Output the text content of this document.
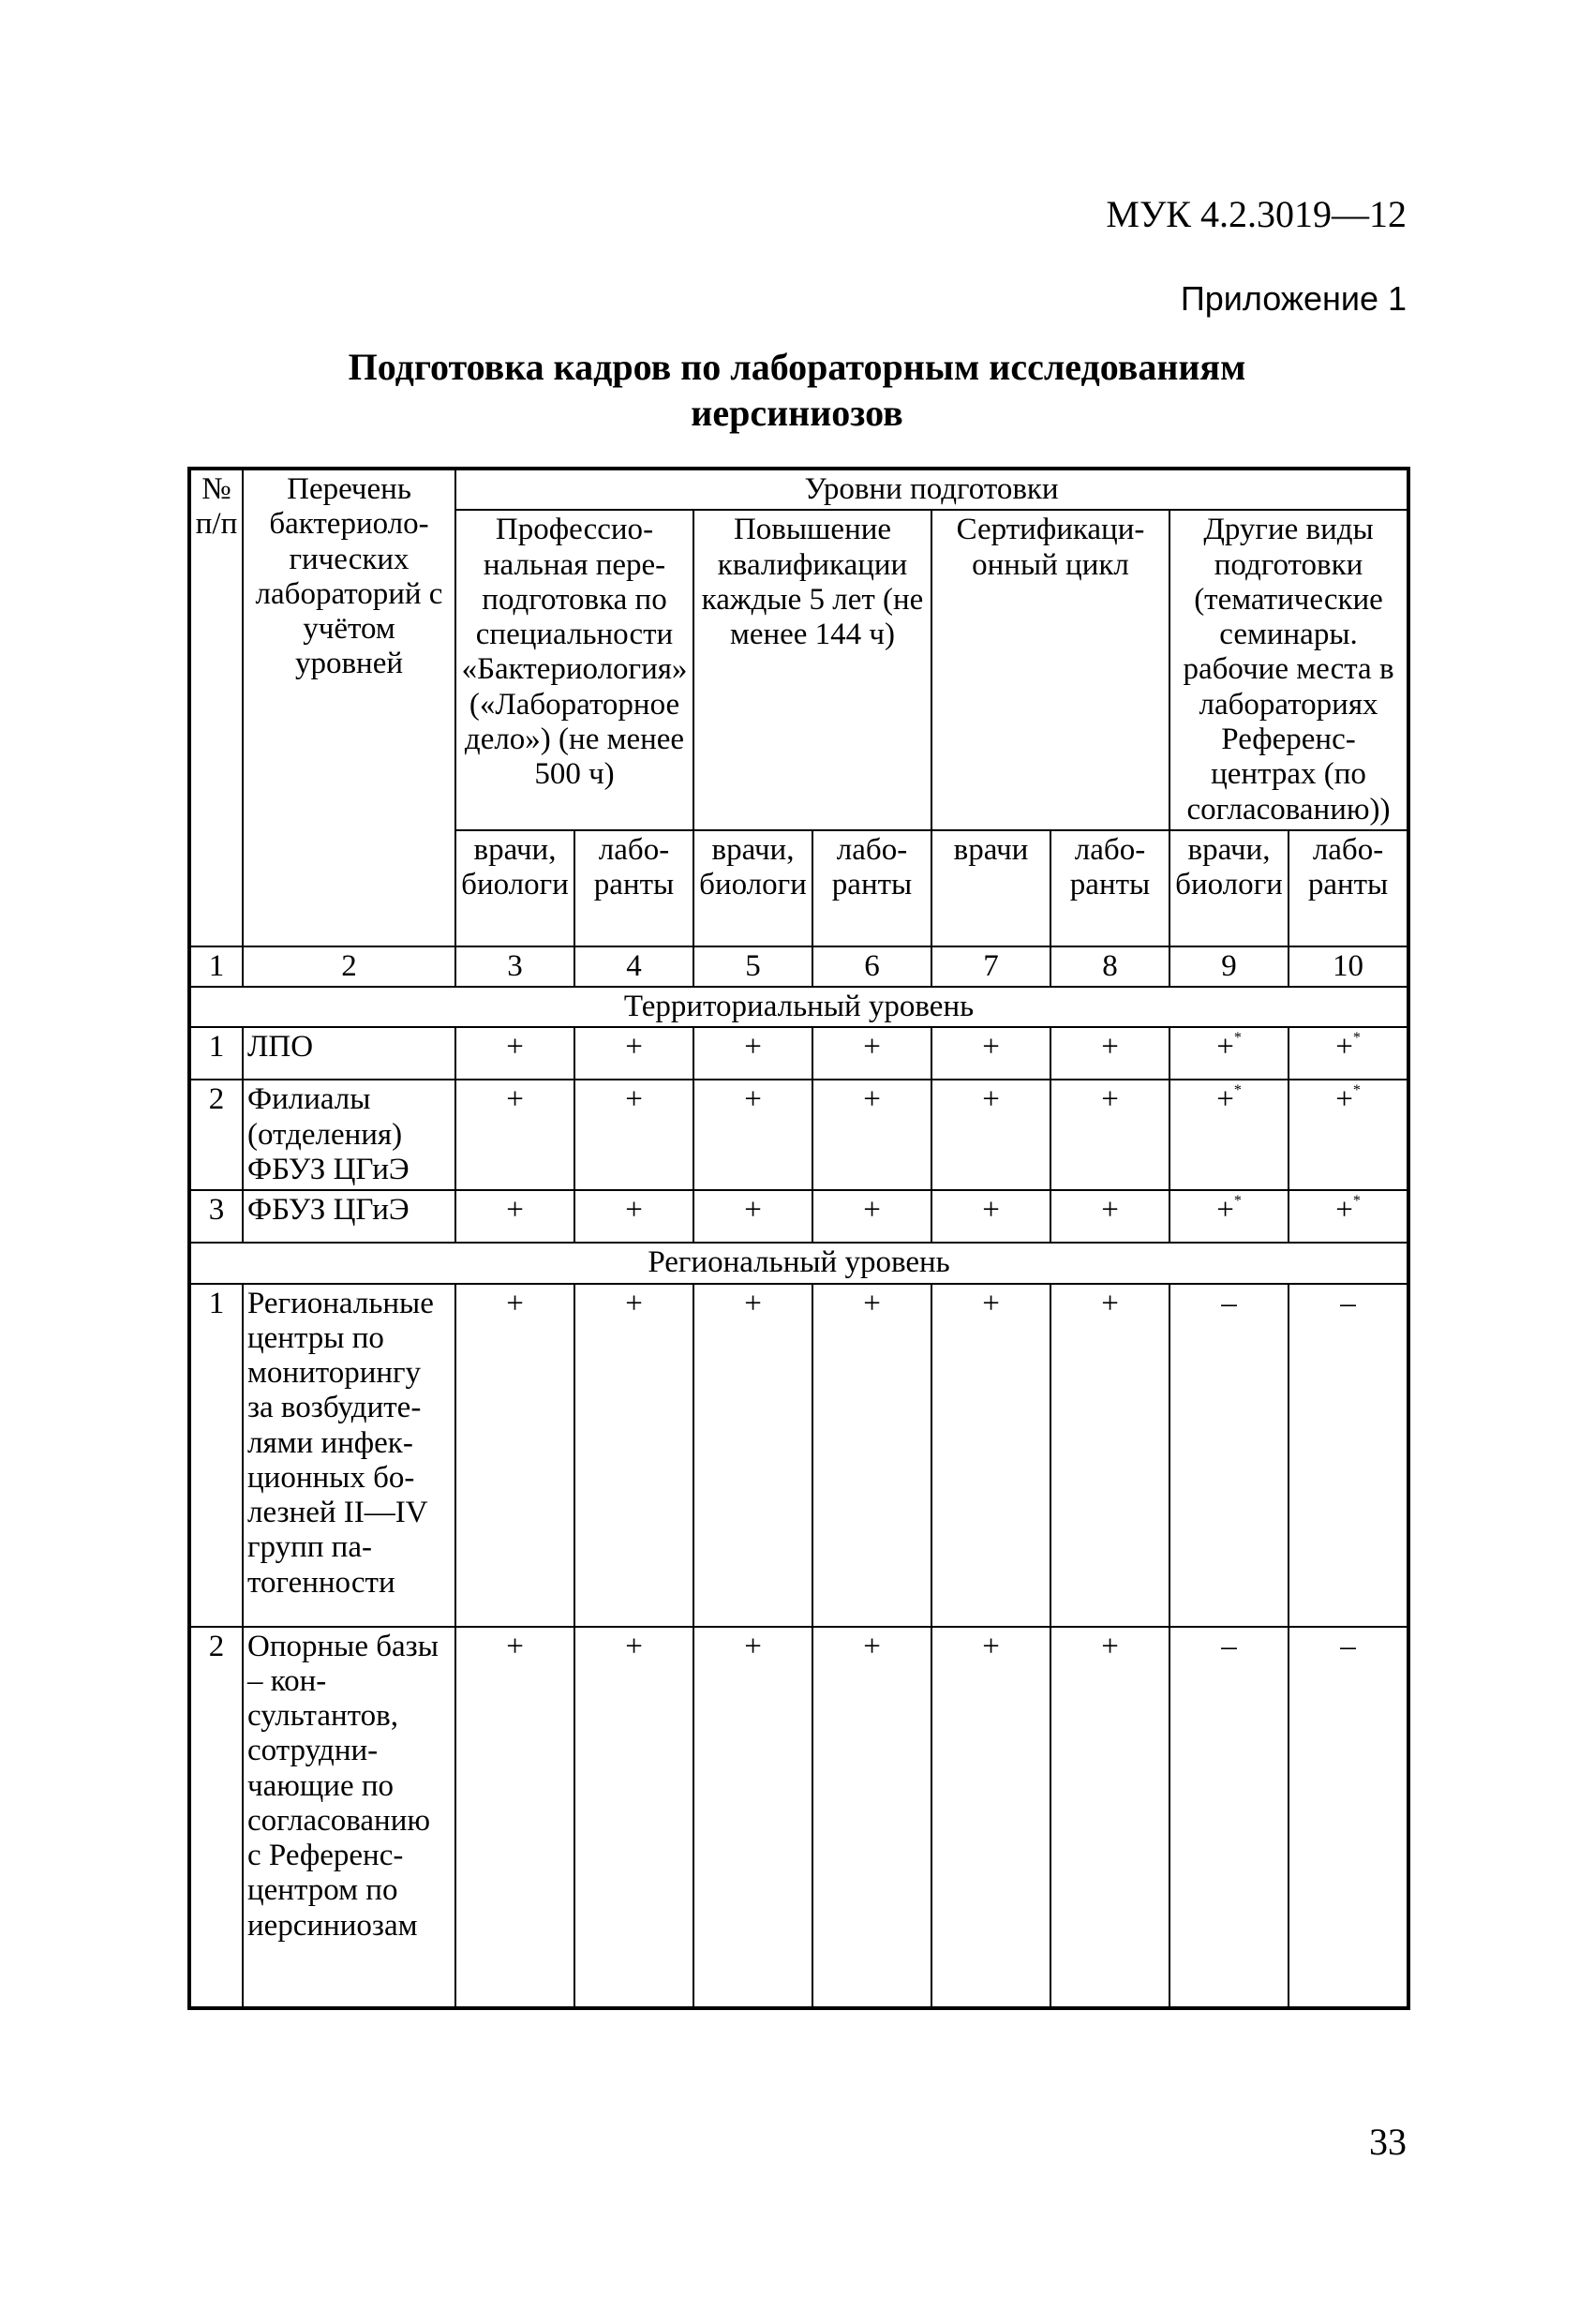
МУК 4.2.3019—12
Приложение 1
Подготовка кадров по лабораторным исследованиям
иерсиниозов
№ п/п	Перечень бактериологических лабораторий с учётом уровней	Уровни подготовки							
		Профессиональная переподготовка по специальности «Бактериология» («Лабораторное дело») (не менее 500 ч)		Повышение квалификации каждые 5 лет (не менее 144 ч)		Сертификационный цикл		Другие виды подготовки (тематические семинары. рабочие места в лабораториях Референс-центрах (по согласованию))	
		врачи, биологи	лаборанты	врачи, биологи	лаборанты	врачи	лаборанты	врачи, биологи	лаборанты
1	2	3	4	5	6	7	8	9	10
Территориальный уровень									
1	ЛПО	+	+	+	+	+	+	+*	+*
2	Филиалы (отделения) ФБУЗ ЦГиЭ	+	+	+	+	+	+	+*	+*
3	ФБУЗ ЦГиЭ	+	+	+	+	+	+	+*	+*
Региональный уровень									
1	Региональные центры по мониторингу за возбудителями инфекционных болезней II—IV групп патогенности	+	+	+	+	+	+	–	–
2	Опорные базы – консультантов, сотрудничающие по согласованию с Референс-центром по иерсиниозам	+	+	+	+	+	+	–	–
33
